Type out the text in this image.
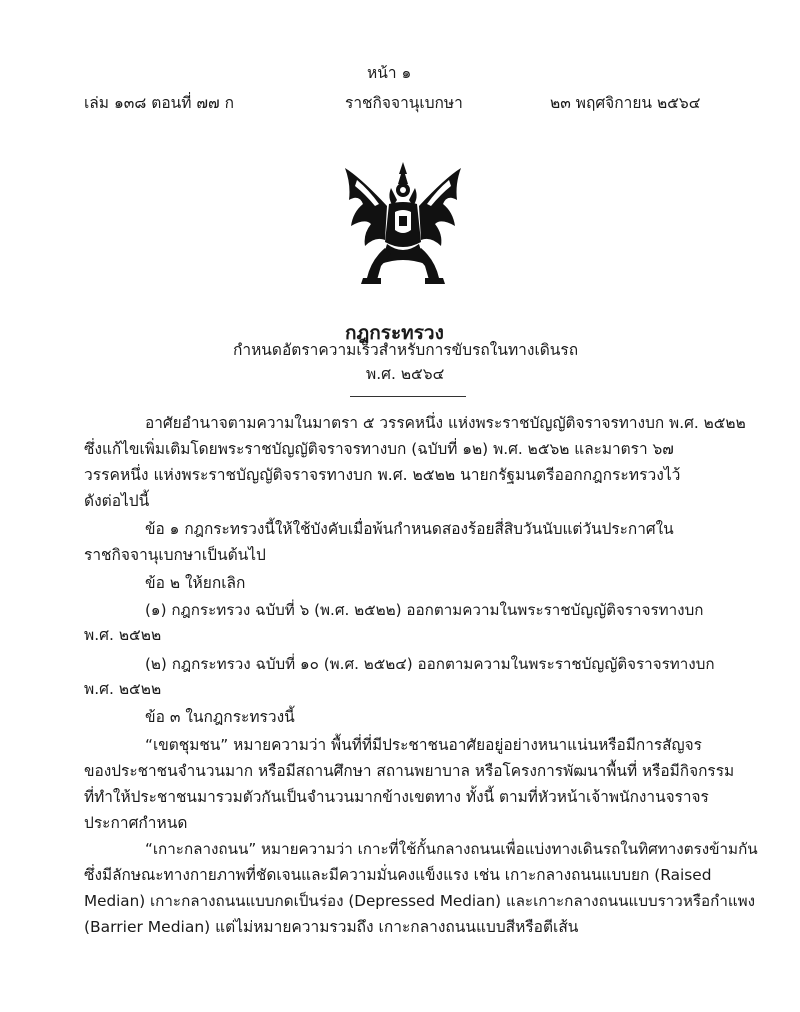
หน้า ๑
เล่ม ๑๓๘ ตอนที่ ๗๗ ก	ราชกิจจานุเบกษา	๒๓ พฤศจิกายน ๒๕๖๔
กฎกระทรวง
กำหนดอัตราความเร็วสำหรับการขับรถในทางเดินรถ
พ.ศ. ๒๕๖๔
อาศัยอำนาจตามความในมาตรา ๕ วรรคหนึ่ง แห่งพระราชบัญญัติจราจรทางบก พ.ศ. ๒๕๒๒
ซึ่งแก้ไขเพิ่มเติมโดยพระราชบัญญัติจราจรทางบก (ฉบับที่ ๑๒) พ.ศ. ๒๕๖๒ และมาตรา ๖๗
วรรคหนึ่ง แห่งพระราชบัญญัติจราจรทางบก พ.ศ. ๒๕๒๒ นายกรัฐมนตรีออกกฎกระทรวงไว้
ดังต่อไปนี้
ข้อ ๑ กฎกระทรวงนี้ให้ใช้บังคับเมื่อพ้นกำหนดสองร้อยสี่สิบวันนับแต่วันประกาศใน
ราชกิจจานุเบกษาเป็นต้นไป
ข้อ ๒ ให้ยกเลิก
(๑) กฎกระทรวง ฉบับที่ ๖ (พ.ศ. ๒๕๒๒) ออกตามความในพระราชบัญญัติจราจรทางบก
พ.ศ. ๒๕๒๒
(๒) กฎกระทรวง ฉบับที่ ๑๐ (พ.ศ. ๒๕๒๔) ออกตามความในพระราชบัญญัติจราจรทางบก
พ.ศ. ๒๕๒๒
ข้อ ๓ ในกฎกระทรวงนี้
“เขตชุมชน” หมายความว่า พื้นที่ที่มีประชาชนอาศัยอยู่อย่างหนาแน่นหรือมีการสัญจร
ของประชาชนจำนวนมาก หรือมีสถานศึกษา สถานพยาบาล หรือโครงการพัฒนาพื้นที่ หรือมีกิจกรรม
ที่ทำให้ประชาชนมารวมตัวกันเป็นจำนวนมากข้างเขตทาง ทั้งนี้ ตามที่หัวหน้าเจ้าพนักงานจราจร
ประกาศกำหนด
“เกาะกลางถนน” หมายความว่า เกาะที่ใช้กั้นกลางถนนเพื่อแบ่งทางเดินรถในทิศทางตรงข้ามกัน
ซึ่งมีลักษณะทางกายภาพที่ชัดเจนและมีความมั่นคงแข็งแรง เช่น เกาะกลางถนนแบบยก (Raised
Median) เกาะกลางถนนแบบกดเป็นร่อง (Depressed Median) และเกาะกลางถนนแบบราวหรือกำแพง
(Barrier Median) แต่ไม่หมายความรวมถึง เกาะกลางถนนแบบสีหรือตีเส้น
